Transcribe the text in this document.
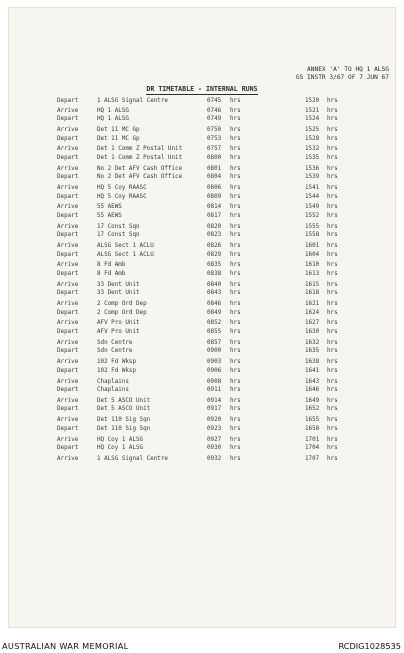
ANNEX 'A' TO HQ 1 ALSG
GS INSTR 3/67 OF 7 JUN 67
DR TIMETABLE - INTERNAL RUNS
Depart	1 ALSG Signal Centre	0745 hrs	1520 hrs
Arrive	HQ 1 ALSG	0746 hrs	1521 hrs
Depart	HQ 1 ALSG	0749 hrs	1524 hrs
Arrive	Det 11 MC Gp	0750 hrs	1525 hrs
Depart	Det 11 MC Gp	0753 hrs	1528 hrs
Arrive	Det 1 Comm Z Postal Unit	0757 hrs	1532 hrs
Depart	Det 1 Comm Z Postal Unit	0800 hrs	1535 hrs
Arrive	No 2 Det AFV Cash Office	0801 hrs	1536 hrs
Depart	No 2 Det AFV Cash Office	0804 hrs	1539 hrs
Arrive	HQ 5 Coy RAASC	0806 hrs	1541 hrs
Depart	HQ 5 Coy RAASC	0809 hrs	1544 hrs
Arrive	55 AEWS	0814 hrs	1549 hrs
Depart	55 AEWS	0817 hrs	1552 hrs
Arrive	17 Const Sqn	0820 hrs	1555 hrs
Depart	17 Const Sqn	0823 hrs	1558 hrs
Arrive	ALSG Sect 1 ACLU	0826 hrs	1601 hrs
Depart	ALSG Sect 1 ACLU	0829 hrs	1604 hrs
Arrive	8 Fd Amb	0835 hrs	1610 hrs
Depart	8 Fd Amb	0838 hrs	1613 hrs
Arrive	33 Dent Unit	0840 hrs	1615 hrs
Depart	33 Dent Unit	0843 hrs	1618 hrs
Arrive	2 Comp Ord Dep	0846 hrs	1621 hrs
Depart	2 Comp Ord Dep	0849 hrs	1624 hrs
Arrive	AFV Pro Unit	0852 hrs	1627 hrs
Depart	AFV Pro Unit	0855 hrs	1630 hrs
Arrive	Sdn Centre	0857 hrs	1632 hrs
Depart	Sdn Centre	0900 hrs	1635 hrs
Arrive	102 Fd Wksp	0903 hrs	1638 hrs
Depart	102 Fd Wksp	0906 hrs	1641 hrs
Arrive	Chaplains	0908 hrs	1643 hrs
Depart	Chaplains	0911 hrs	1646 hrs
Arrive	Det 5 ASCO Unit	0914 hrs	1649 hrs
Depart	Det 5 ASCO Unit	0917 hrs	1652 hrs
Arrive	Det 110 Sig Sqn	0920 hrs	1655 hrs
Depart	Det 110 Sig Sqn	0923 hrs	1658 hrs
Arrive	HQ Coy 1 ALSG	0927 hrs	1701 hrs
Depart	HQ Coy 1 ALSG	0930 hrs	1704 hrs
Arrive	1 ALSG Signal Centre	0932 hrs	1707 hrs
AUSTRALIAN WAR MEMORIAL	RCDIG1028535
